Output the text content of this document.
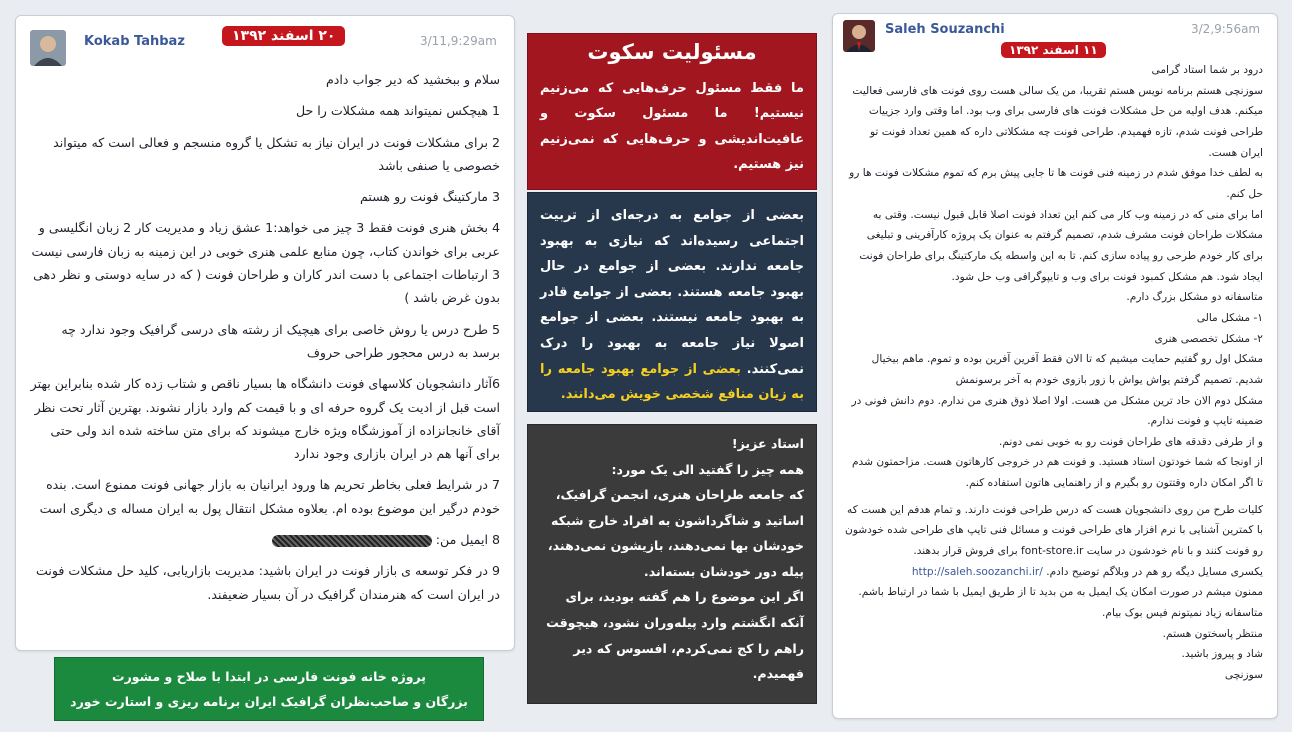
Kokab Tahbaz	۲۰ اسفند ۱۳۹۲	3/11,9:29am

سلام و ببخشید که دیر جواب دادم

1 هیچکس نمیتواند همه مشکلات را حل

2 برای مشکلات فونت در ایران نیاز به تشکل یا گروه منسجم و فعالی است که میتواند خصوصی یا صنفی باشد

3 مارکتینگ فونت رو هستم

4 بخش هنری فونت فقط 3 چیز می خواهد:1 عشق زیاد و مدیریت کار 2 زبان انگلیسی و عربی برای خواندن کتاب، چون منابع علمی هنری خوبی در این زمینه به زبان فارسی نیست 3 ارتباطات اجتماعی با دست اندر کاران و طراحان فونت ( که در سایه دوستی و نظر دهی بدون غرض باشد )

5 طرح درس یا روش خاصی برای هیچیک از رشته های درسی گرافیک وجود ندارد چه برسد به درس محجور طراحی حروف

6آثار دانشجویان کلاسهای فونت دانشگاه ها بسیار ناقص و شتاب زده کار شده بنابراین بهتر است قبل از ادیت یک گروه حرفه ای و با قیمت کم وارد بازار نشوند. بهترین آثار تحت نظر آقای خانجانزاده از آموزشگاه ویژه خارج میشوند که برای متن ساخته شده اند ولی حتی برای آنها هم در ایران بازاری وجود ندارد

7 در شرایط فعلی بخاطر تحریم ها ورود ایرانیان به بازار جهانی فونت ممنوع است. بنده خودم درگیر این موضوع بوده ام. بعلاوه مشکل انتقال پول به ایران مساله ی دیگری است

8 ایمیل من:

9 در فکر توسعه ی بازار فونت در ایران باشید: مدیریت بازاریابی، کلید حل مشکلات فونت در ایران است که هنرمندان گرافیک در آن بسیار ضعیفند.

پروژه خانه فونت فارسی در ابتدا با صلاح و مشورت
بزرگان و صاحب‌نظران گرافیک ایران برنامه ریزی و استارت خورد
مسئولیت سکوت
ما فقط مسئول حرف‌هایی که می‌زنیم نیستیم! ما مسئول سکوت و عافیت‌اندیشی و حرف‌هایی که نمی‌زنیم نیز هستیم.
بعضی از جوامع به درجه‌ای از تربیت اجتماعی رسیده‌اند که نیازی به بهبود جامعه ندارند. بعضی از جوامع در حال بهبود جامعه هستند. بعضی از جوامع قادر به بهبود جامعه نیستند. بعضی از جوامع اصولا نیاز جامعه به بهبود را درک نمی‌کنند. بعضی از جوامع بهبود جامعه را به زیان منافع شخصی خویش می‌دانند.
استاد عزیز!
همه چیز را گفتید الی یک مورد:
که جامعه طراحان هنری، انجمن گرافیک، اساتید و شاگرداشون به افراد خارج شبکه خودشان بها نمی‌دهند، بازیشون نمی‌دهند، پیله دور خودشان بسته‌اند.
اگر این موضوع را هم گفته بودید، برای آنکه انگشتم وارد پیله‌وران نشود، هیچوقت راهم را کج نمی‌کردم، افسوس که دیر فهمیدم.
Saleh Souzanchi	3/2,9:56am
۱۱ اسفند ۱۳۹۲
درود بر شما استاد گرامی
سوزنچی هستم برنامه نویس هستم تقریبا، من یک سالی هست روی فونت های فارسی فعالیت میکنم. هدف اولیه من حل مشکلات فونت های فارسی برای وب بود. اما وقتی وارد جزییات طراحی فونت شدم، تازه فهمیدم. طراحی فونت چه مشکلاتی داره که همین تعداد فونت تو ایران هست.
به لطف خدا موفق شدم در زمینه فنی فونت ها تا جایی پیش برم که تموم مشکلات فونت ها رو حل کنم.
اما برای منی که در زمینه وب کار می کنم این تعداد فونت اصلا قابل قبول نیست. وقتی به مشکلات طراحان فونت مشرف شدم، تصمیم گرفتم به عنوان یک پروژه کارآفرینی و تبلیغی برای کار خودم طرحی رو پیاده سازی کنم. تا به این واسطه یک مارکتینگ برای طراحان فونت ایجاد شود. هم مشکل کمبود فونت برای وب و تایپوگرافی وب حل شود.
متاسفانه دو مشکل بزرگ دارم.
۱- مشکل مالی
۲- مشکل تخصصی هنری
مشکل اول رو گفتیم حمایت میشیم که تا الان فقط آفرین آفرین بوده و تموم. ماهم بیخیال شدیم. تصمیم گرفتم یواش یواش با زور بازوی خودم به آخر برسونمش
مشکل دوم الان حاد ترین مشکل من هست. اولا اصلا ذوق هنری من ندارم. دوم دانش فونی در ضمینه تایپ و فونت ندارم.
و از طرفی دقدقه های طراحان فونت رو به خوبی نمی دونم.
از اونجا که شما خودتون استاد هستید. و فونت هم در خروجی کارهاتون هست. مزاحمتون شدم تا اگر امکان داره وقتتون رو بگیرم و از راهنمایی هاتون استفاده کنم.
کلیات طرح من روی دانشجویان هست که درس طراحی فونت دارند. و تمام هدفم این هست که با کمترین آشنایی با نرم افزار های طراحی فونت و مسائل فنی تایپ های طراحی شده خودشون رو فونت کنند و با نام خودشون در سایت font-store.ir برای فروش قرار بدهند.
یکسری مسایل دیگه رو هم در وبلاگم توضیح دادم. http://saleh.soozanchi.ir/
ممنون میشم در صورت امکان یک ایمیل به من بدید تا از طریق ایمیل با شما در ارتباط باشم. متاسفانه زیاد نمیتونم فیس بوک بیام.
منتظر پاسختون هستم.
شاد و پیروز باشید.
سوزنچی
